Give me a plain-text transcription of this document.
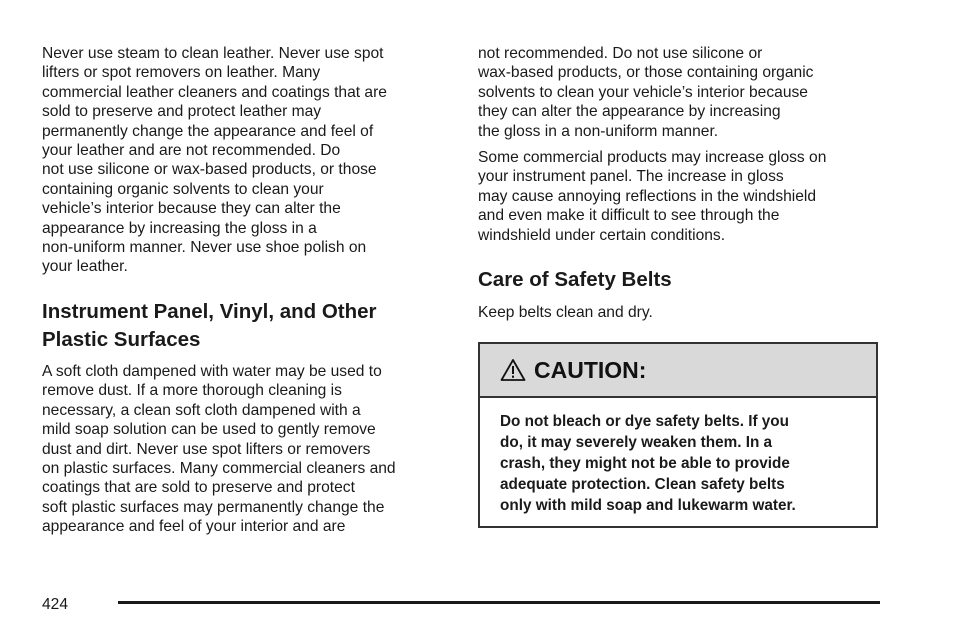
Never use steam to clean leather. Never use spot
lifters or spot removers on leather. Many
commercial leather cleaners and coatings that are
sold to preserve and protect leather may
permanently change the appearance and feel of
your leather and are not recommended. Do
not use silicone or wax-based products, or those
containing organic solvents to clean your
vehicle’s interior because they can alter the
appearance by increasing the gloss in a
non-uniform manner. Never use shoe polish on
your leather.

Instrument Panel, Vinyl, and Other
Plastic Surfaces

A soft cloth dampened with water may be used to
remove dust. If a more thorough cleaning is
necessary, a clean soft cloth dampened with a
mild soap solution can be used to gently remove
dust and dirt. Never use spot lifters or removers
on plastic surfaces. Many commercial cleaners and
coatings that are sold to preserve and protect
soft plastic surfaces may permanently change the
appearance and feel of your interior and are

not recommended. Do not use silicone or
wax-based products, or those containing organic
solvents to clean your vehicle’s interior because
they can alter the appearance by increasing
the gloss in a non-uniform manner.

Some commercial products may increase gloss on
your instrument panel. The increase in gloss
may cause annoying reflections in the windshield
and even make it difficult to see through the
windshield under certain conditions.

Care of Safety Belts

Keep belts clean and dry.

CAUTION:

Do not bleach or dye safety belts. If you
do, it may severely weaken them. In a
crash, they might not be able to provide
adequate protection. Clean safety belts
only with mild soap and lukewarm water.

424
